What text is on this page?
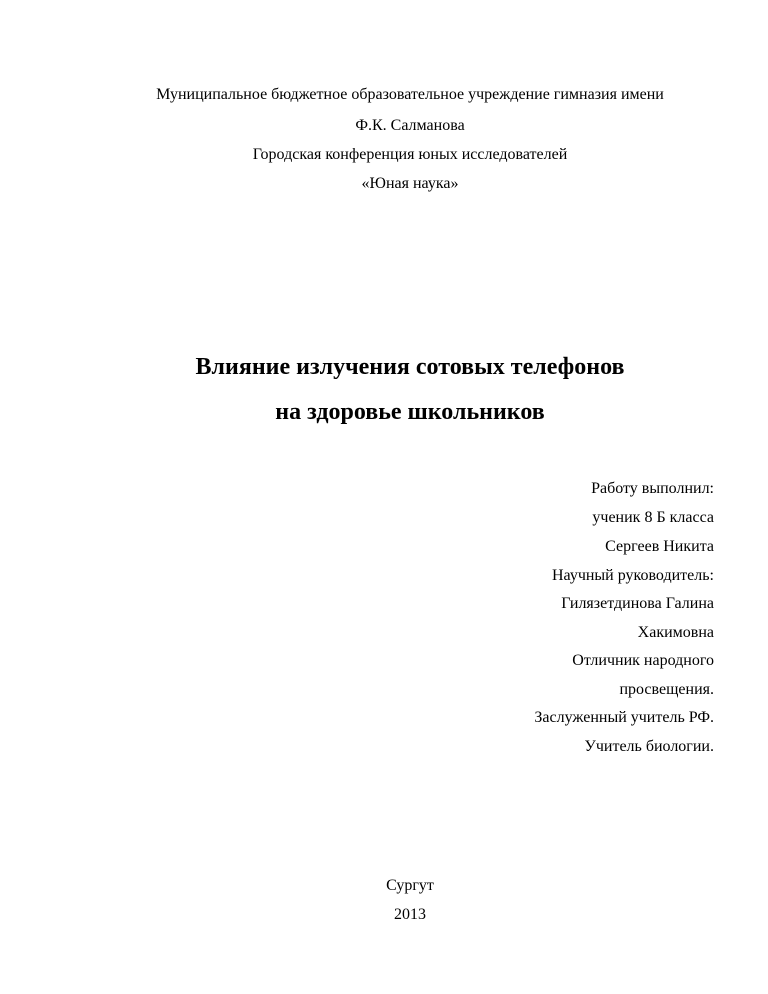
Муниципальное бюджетное образовательное учреждение гимназия имени
Ф.К. Салманова
Городская конференция юных исследователей
«Юная наука»
Влияние излучения сотовых телефонов
на здоровье школьников
Работу выполнил:
ученик 8 Б класса
Сергеев Никита
Научный руководитель:
Гилязетдинова Галина
Хакимовна
Отличник народного
просвещения.
Заслуженный учитель РФ.
Учитель биологии.
Сургут
2013
